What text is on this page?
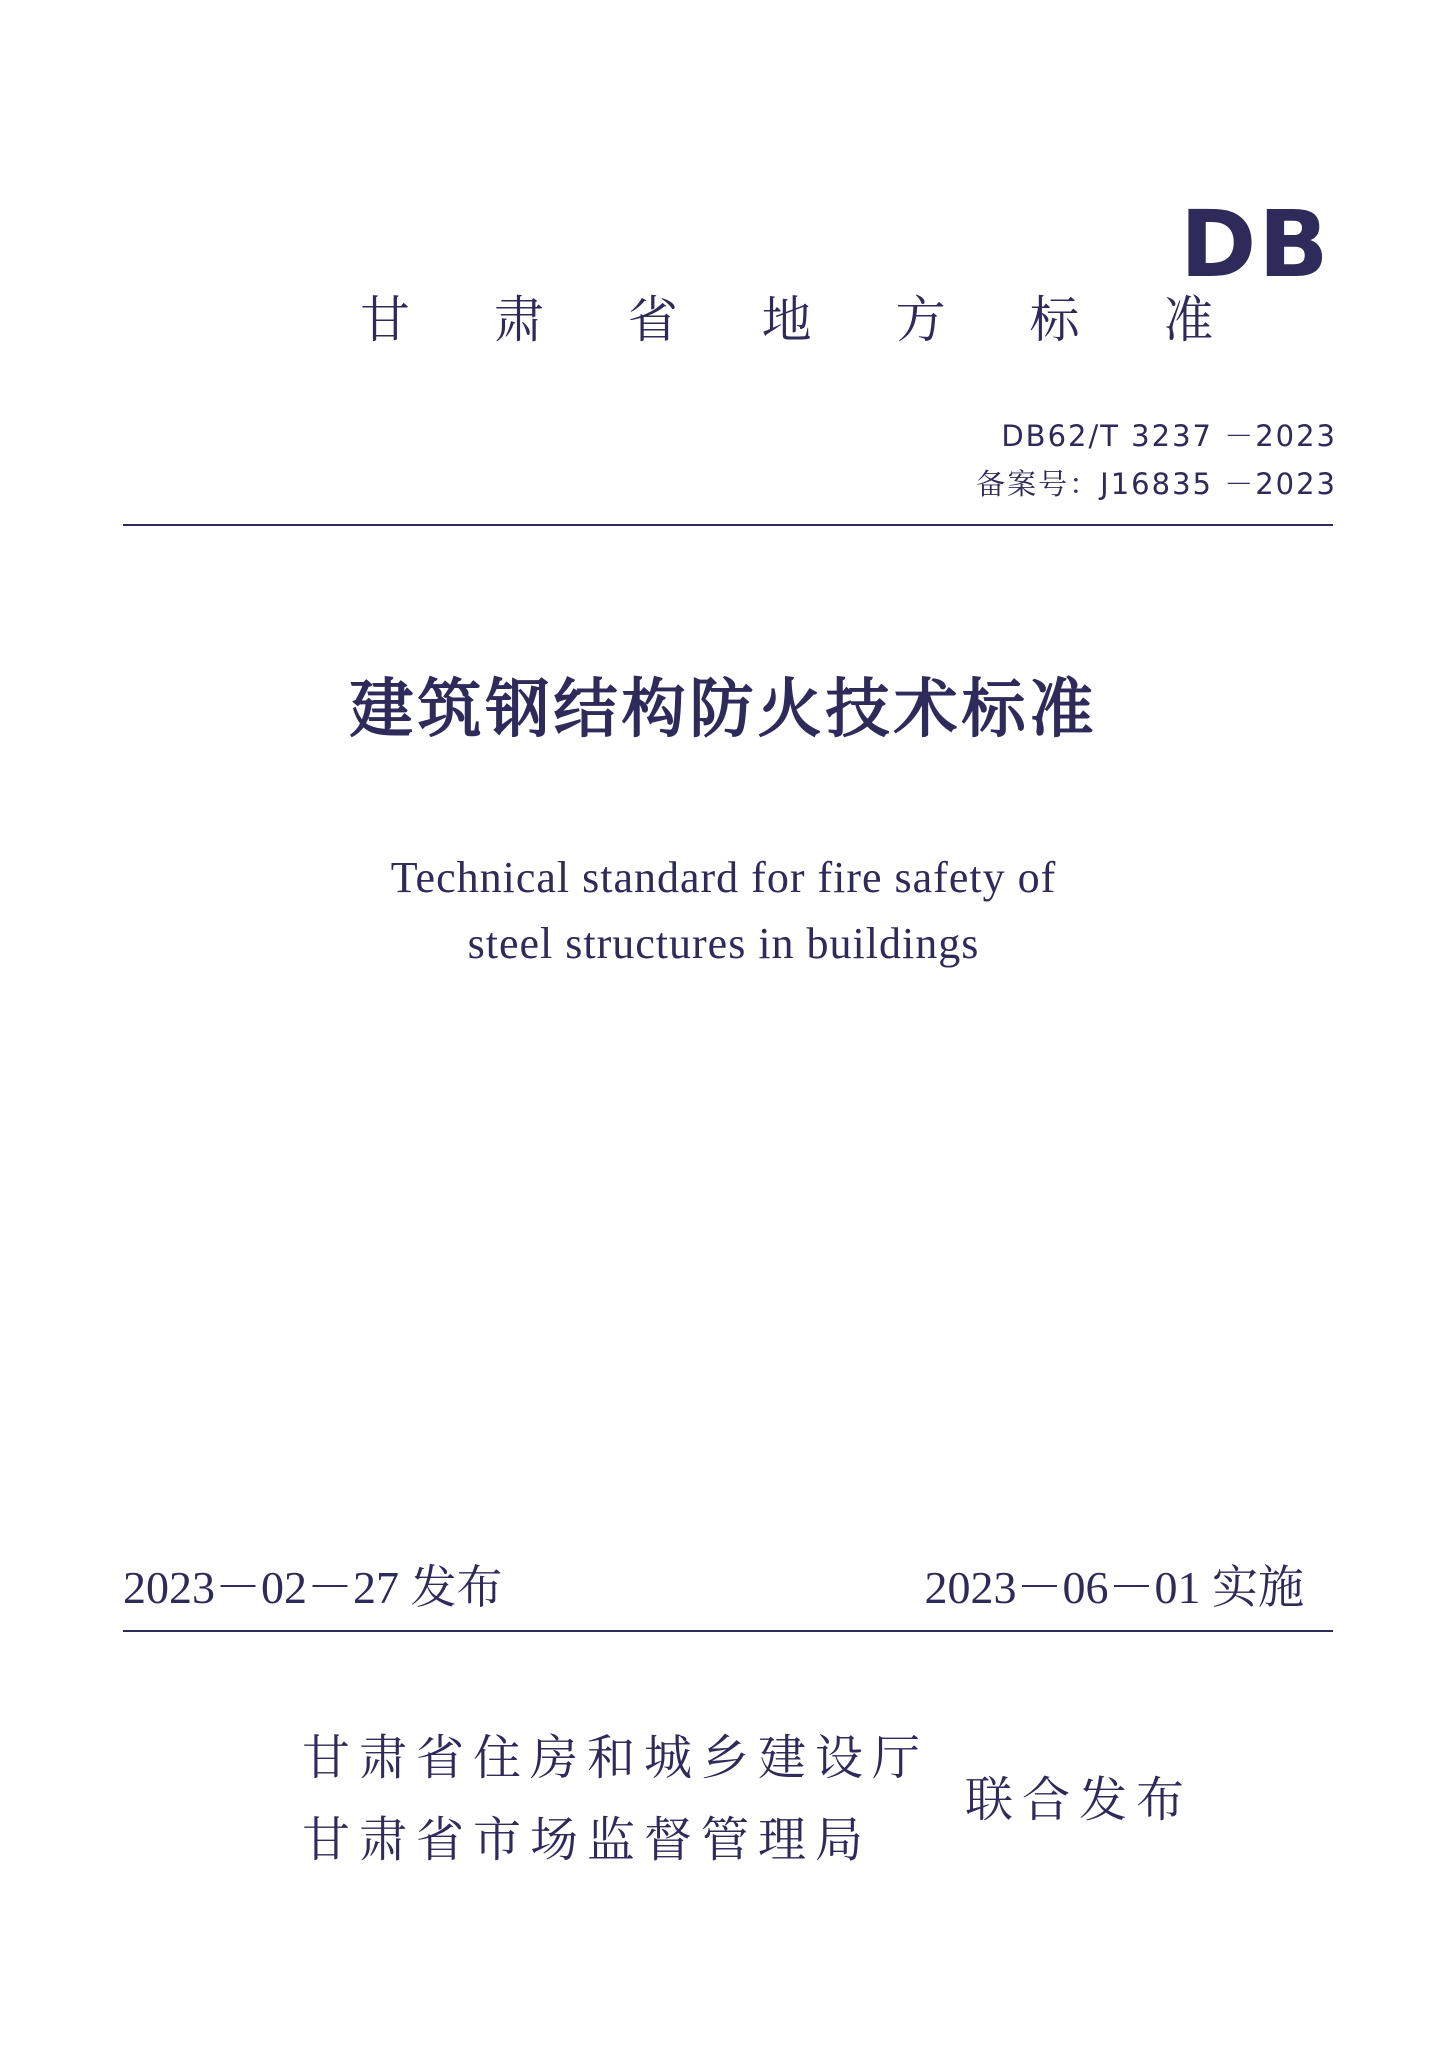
DB
甘 肃 省 地 方 标 准
DB62/T 3237 －2023
备案号：J16835 －2023
建筑钢结构防火技术标准
Technical standard for fire safety of
steel structures in buildings
2023－02－27 发布	2023－06－01 实施
甘肃省住房和城乡建设厅
甘肃省市场监督管理局
联合发布
